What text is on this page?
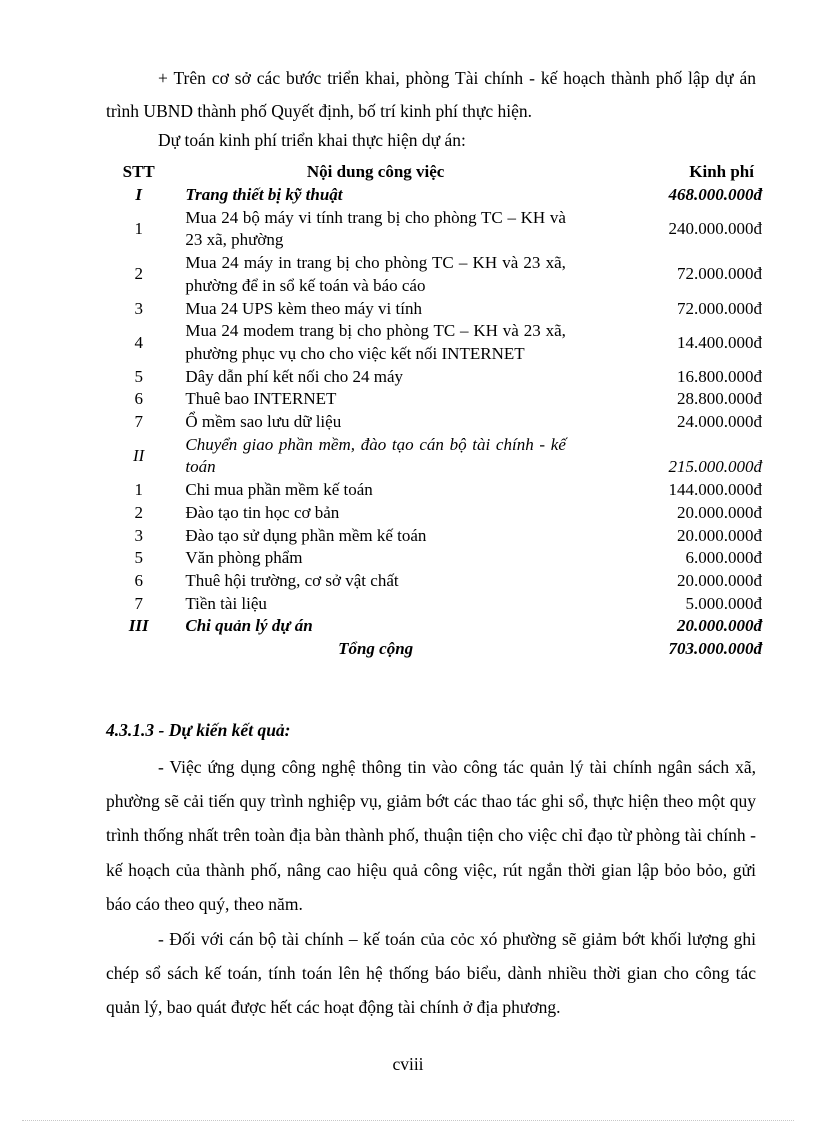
+ Trên cơ sở các bước triển khai, phòng Tài chính - kế hoạch thành phố lập dự án trình UBND thành phố Quyết định, bố trí kinh phí thực hiện.

Dự toán kinh phí triển khai thực hiện dự án:

STT	Nội dung công việc	Kinh phí
I	Trang thiết bị kỹ thuật	468.000.000đ
1	Mua 24 bộ máy vi tính trang bị cho phòng TC – KH và 23 xã, phường	240.000.000đ
2	Mua 24 máy in trang bị cho phòng TC – KH và 23 xã, phường để in sổ kế toán và báo cáo	72.000.000đ
3	Mua 24 UPS kèm theo máy vi tính	72.000.000đ
4	Mua 24 modem trang bị cho phòng TC – KH và 23 xã, phường phục vụ cho cho việc kết nối INTERNET	14.400.000đ
5	Dây dẫn phí kết nối cho 24 máy	16.800.000đ
6	Thuê bao INTERNET	28.800.000đ
7	Ổ mềm sao lưu dữ liệu	24.000.000đ
II	Chuyển giao phần mềm, đào tạo cán bộ tài chính - kế toán	215.000.000đ
1	Chi mua phần mềm kế toán	144.000.000đ
2	Đào tạo tin học cơ bản	20.000.000đ
3	Đào tạo sử dụng phần mềm kế toán	20.000.000đ
5	Văn phòng phẩm	6.000.000đ
6	Thuê hội trường, cơ sở vật chất	20.000.000đ
7	Tiền tài liệu	5.000.000đ
III	Chi quản lý dự án	20.000.000đ
	Tổng cộng	703.000.000đ

4.3.1.3 - Dự kiến kết quả:

- Việc ứng dụng công nghệ thông tin vào công tác quản lý tài chính ngân sách xã, phường sẽ cải tiến quy trình nghiệp vụ, giảm bớt các thao tác ghi sổ, thực hiện theo một quy trình thống nhất trên toàn địa bàn thành phố, thuận tiện cho việc chỉ đạo từ phòng tài chính - kế hoạch của thành phố, nâng cao hiệu quả công việc, rút ngắn thời gian lập bỏo bỏo, gửi báo cáo theo quý, theo năm.

- Đối với cán bộ tài chính – kế toán của cỏc xó phường sẽ giảm bớt khối lượng ghi chép sổ sách kế toán, tính toán lên hệ thống báo biểu, dành nhiều thời gian cho công tác quản lý, bao quát được hết các hoạt động tài chính ở địa phương.

cviii
